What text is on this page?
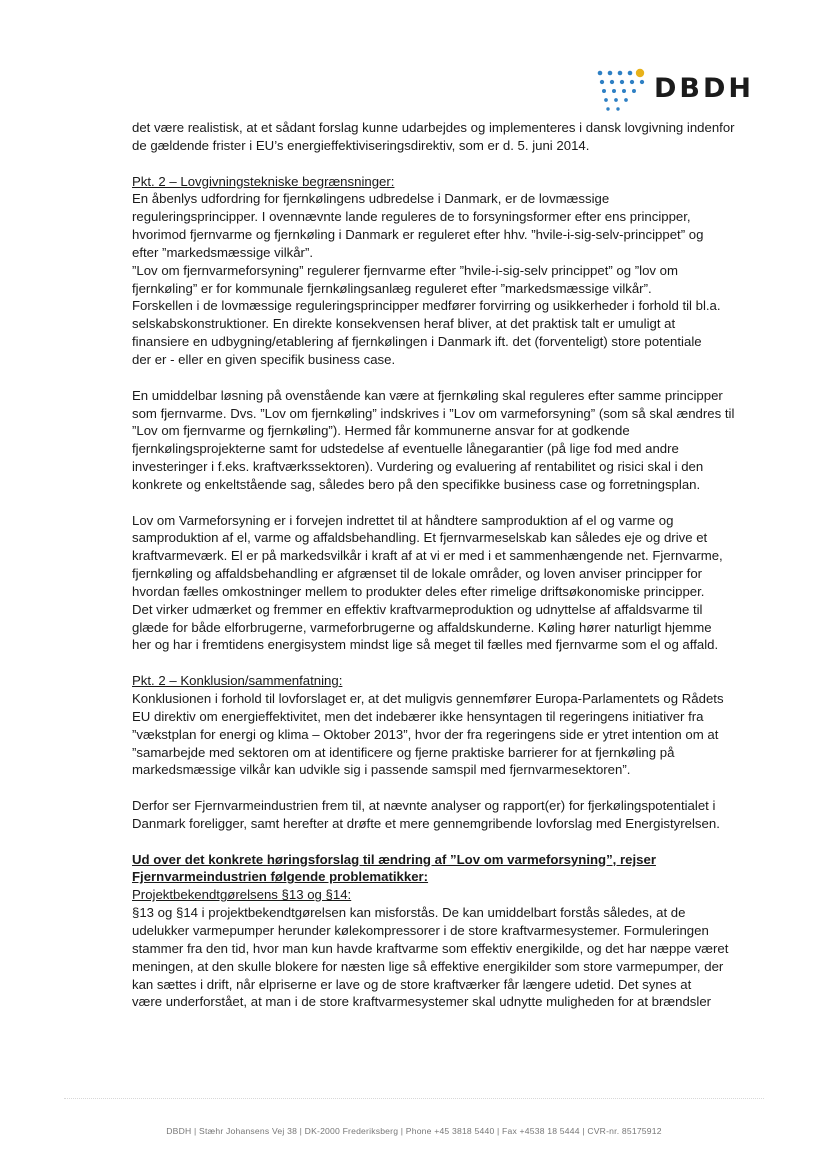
DBDH

det være realistisk, at et sådant forslag kunne udarbejdes og implementeres i dansk lovgivning indenfor
de gældende frister i EU’s energieffektiviseringsdirektiv, som er d. 5. juni 2014.

Pkt. 2 – Lovgivningstekniske begrænsninger:

En åbenlys udfordring for fjernkølingens udbredelse i Danmark, er de lovmæssige
reguleringsprincipper. I ovennævnte lande reguleres de to forsyningsformer efter ens principper,
hvorimod fjernvarme og fjernkøling i Danmark er reguleret efter hhv. ”hvile-i-sig-selv-princippet” og
efter ”markedsmæssige vilkår”.
”Lov om fjernvarmeforsyning” regulerer fjernvarme efter ”hvile-i-sig-selv princippet” og ”lov om
fjernkøling” er for kommunale fjernkølingsanlæg reguleret efter ”markedsmæssige vilkår”.
Forskellen i de lovmæssige reguleringsprincipper medfører forvirring og usikkerheder i forhold til bl.a.
selskabskonstruktioner. En direkte konsekvensen heraf bliver, at det praktisk talt er umuligt at
finansiere en udbygning/etablering af fjernkølingen i Danmark ift. det (forventeligt) store potentiale
der er - eller en given specifik business case.

En umiddelbar løsning på ovenstående kan være at fjernkøling skal reguleres efter samme principper
som fjernvarme. Dvs. ”Lov om fjernkøling” indskrives i ”Lov om varmeforsyning” (som så skal ændres til
”Lov om fjernvarme og fjernkøling”). Hermed får kommunerne ansvar for at godkende
fjernkølingsprojekterne samt for udstedelse af eventuelle lånegarantier (på lige fod med andre
investeringer i f.eks. kraftværkssektoren). Vurdering og evaluering af rentabilitet og risici skal i den
konkrete og enkeltstående sag, således bero på den specifikke business case og forretningsplan.

Lov om Varmeforsyning er i forvejen indrettet til at håndtere samproduktion af el og varme og
samproduktion af el, varme og affaldsbehandling. Et fjernvarmeselskab kan således eje og drive et
kraftvarmeværk. El er på markedsvilkår i kraft af at vi er med i et sammenhængende net. Fjernvarme,
fjernkøling og affaldsbehandling er afgrænset til de lokale områder, og loven anviser principper for
hvordan fælles omkostninger mellem to produkter deles efter rimelige driftsøkonomiske principper.
Det virker udmærket og fremmer en effektiv kraftvarmeproduktion og udnyttelse af affaldsvarme til
glæde for både elforbrugerne, varmeforbrugerne og affaldskunderne. Køling hører naturligt hjemme
her og har i fremtidens energisystem mindst lige så meget til fælles med fjernvarme som el og affald.

Pkt. 2 – Konklusion/sammenfatning:

Konklusionen i forhold til lovforslaget er, at det muligvis gennemfører Europa-Parlamentets og Rådets
EU direktiv om energieffektivitet, men det indebærer ikke hensyntagen til regeringens initiativer fra
”vækstplan for energi og klima – Oktober 2013”, hvor der fra regeringens side er ytret intention om at
”samarbejde med sektoren om at identificere og fjerne praktiske barrierer for at fjernkøling på
markedsmæssige vilkår kan udvikle sig i passende samspil med fjernvarmesektoren”.

Derfor ser Fjernvarmeindustrien frem til, at nævnte analyser og rapport(er) for fjerkølingspotentialet i
Danmark foreligger, samt herefter at drøfte et mere gennemgribende lovforslag med Energistyrelsen.

Ud over det konkrete høringsforslag til ændring af ”Lov om varmeforsyning”, rejser
Fjernvarmeindustrien følgende problematikker:

Projektbekendtgørelsens §13 og §14:

§13 og §14 i projektbekendtgørelsen kan misforstås. De kan umiddelbart forstås således, at de
udelukker varmepumper herunder kølekompressorer i de store kraftvarmesystemer. Formuleringen
stammer fra den tid, hvor man kun havde kraftvarme som effektiv energikilde, og det har næppe været
meningen, at den skulle blokere for næsten lige så effektive energikilder som store varmepumper, der
kan sættes i drift, når elpriserne er lave og de store kraftværker får længere udetid. Det synes at
være underforstået, at man i de store kraftvarmesystemer skal udnytte muligheden for at brændsler

DBDH | Stæhr Johansens Vej 38 | DK-2000 Frederiksberg | Phone +45 3818 5440 | Fax +4538 18 5444 | CVR-nr. 85175912
